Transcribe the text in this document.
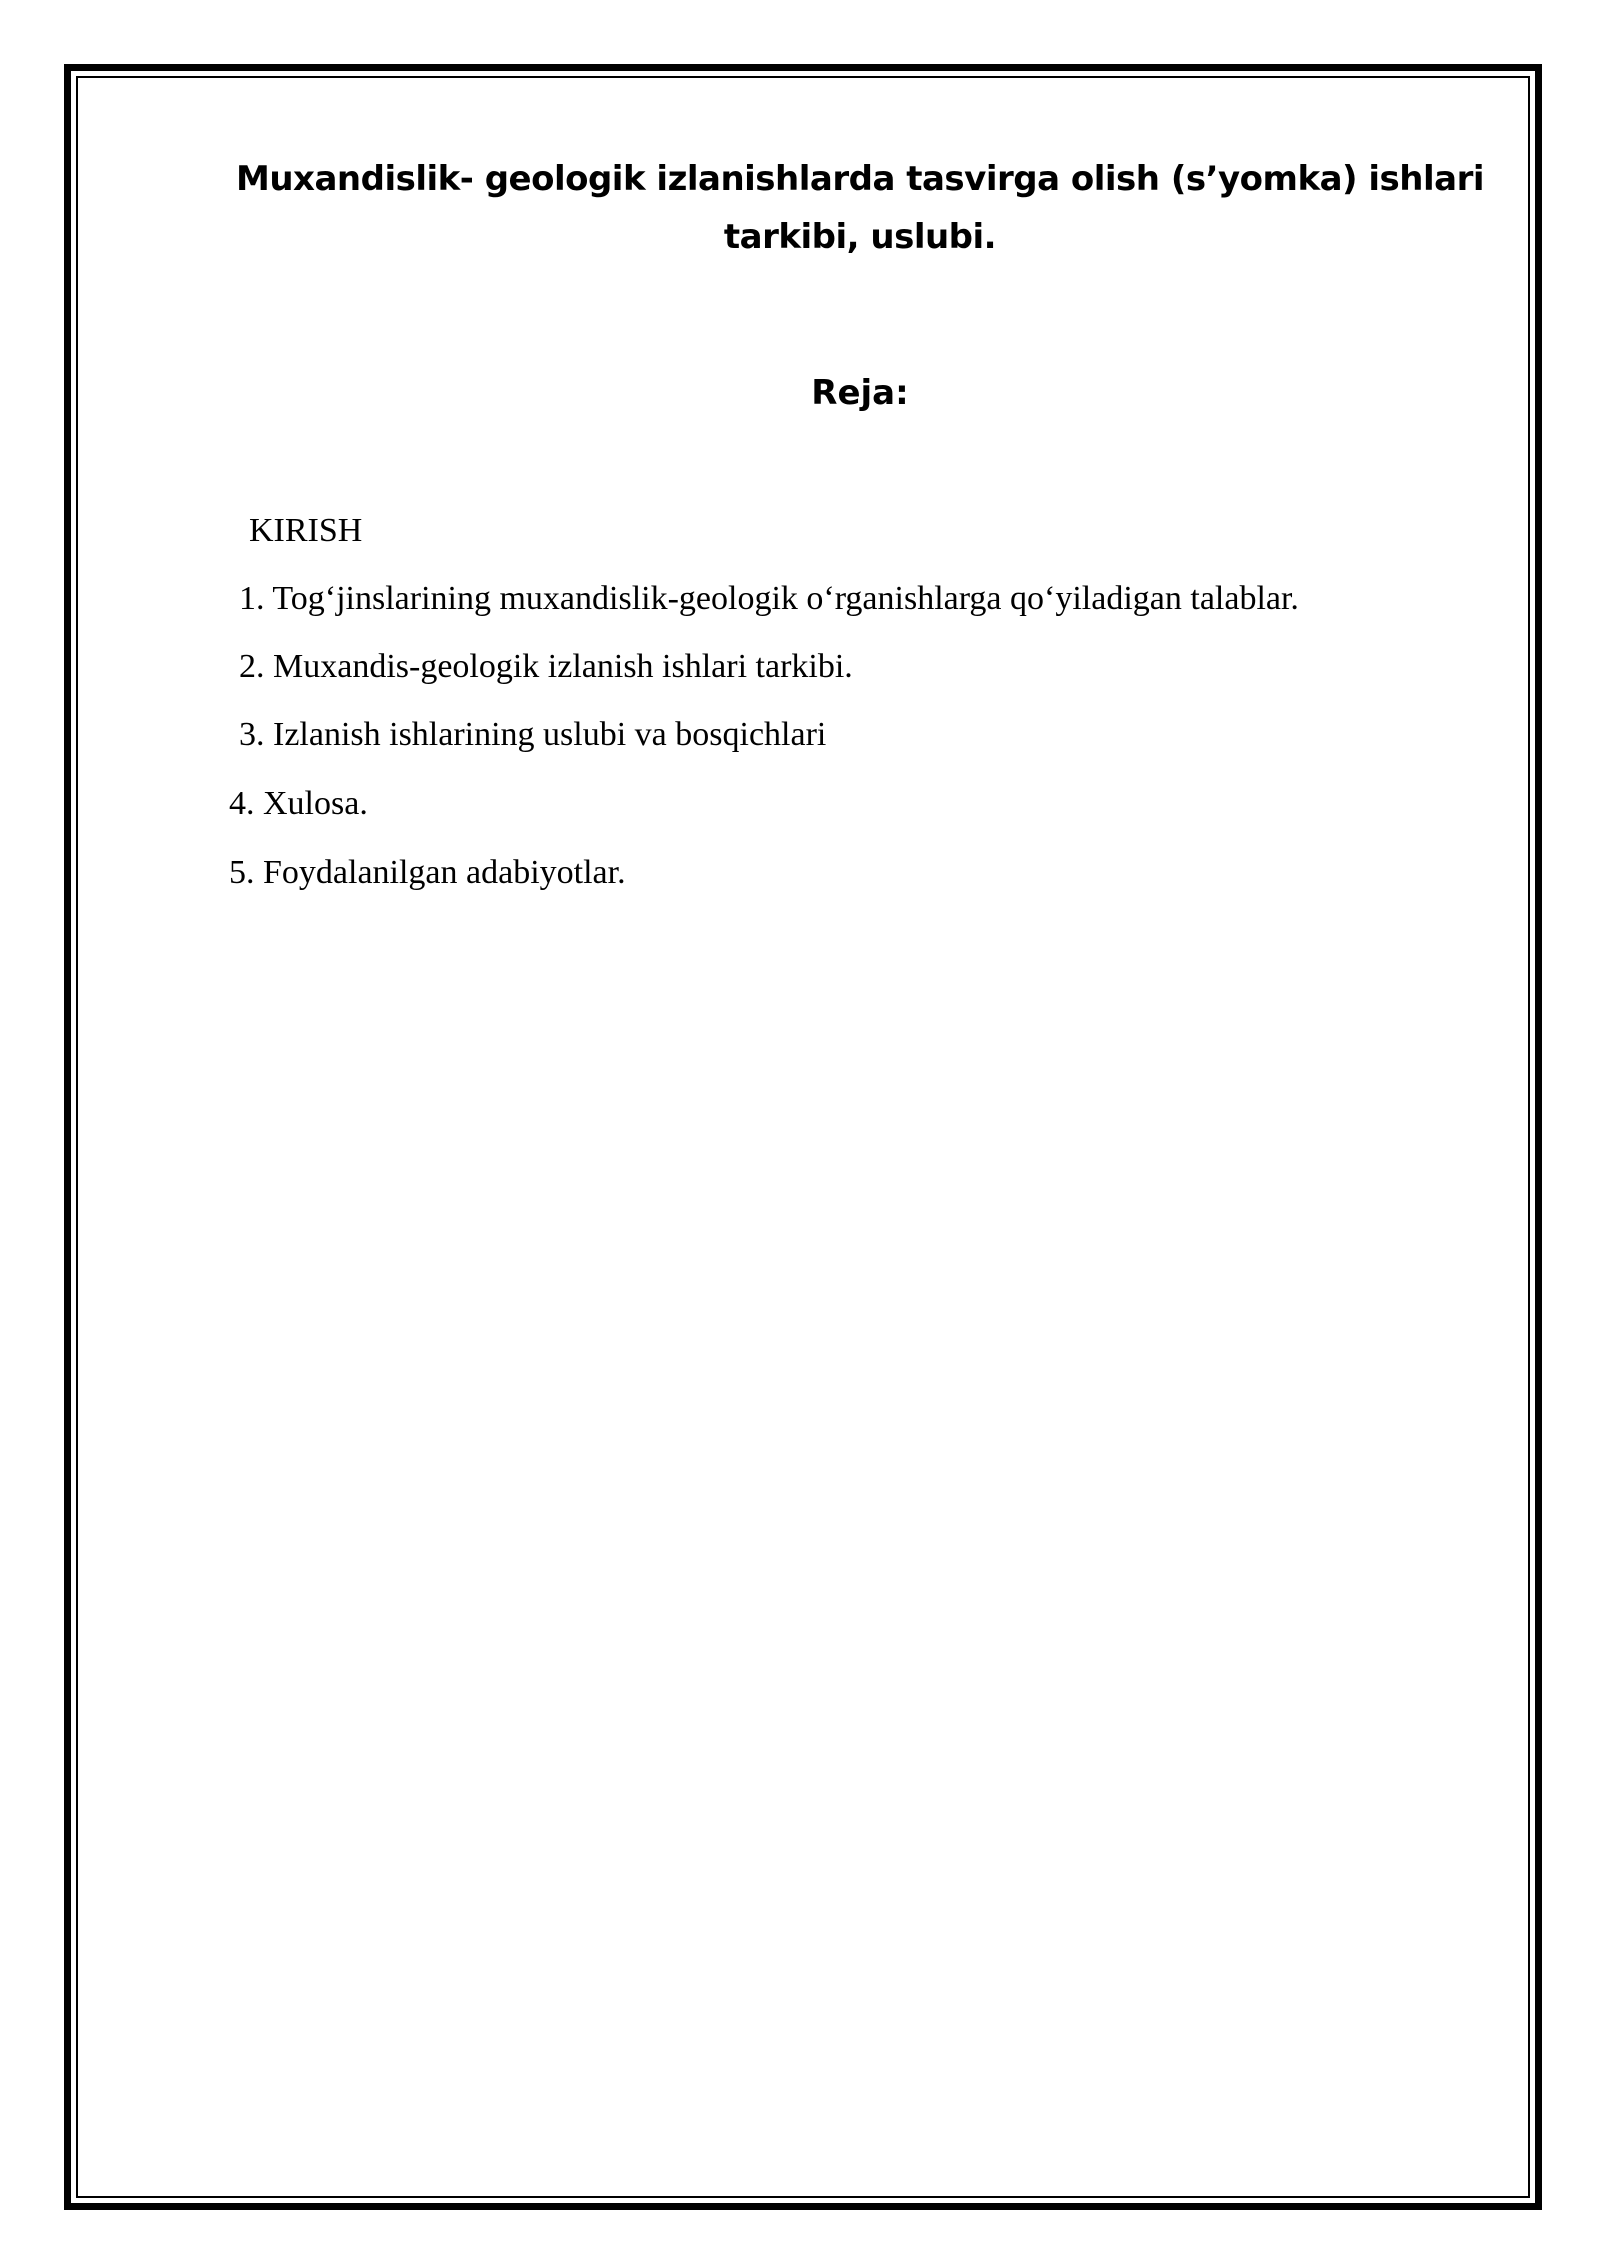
Muxandislik- geologik izlanishlarda tasvirga olish (s’yomka) ishlari tarkibi, uslubi.
Reja:
KIRISH
1. Tog‘jinslarining muxandislik-geologik o‘rganishlarga qo‘yiladigan talablar.
2. Muxandis-geologik izlanish ishlari tarkibi.
3. Izlanish ishlarining uslubi va bosqichlari
4. Xulosa.
5. Foydalanilgan adabiyotlar.
